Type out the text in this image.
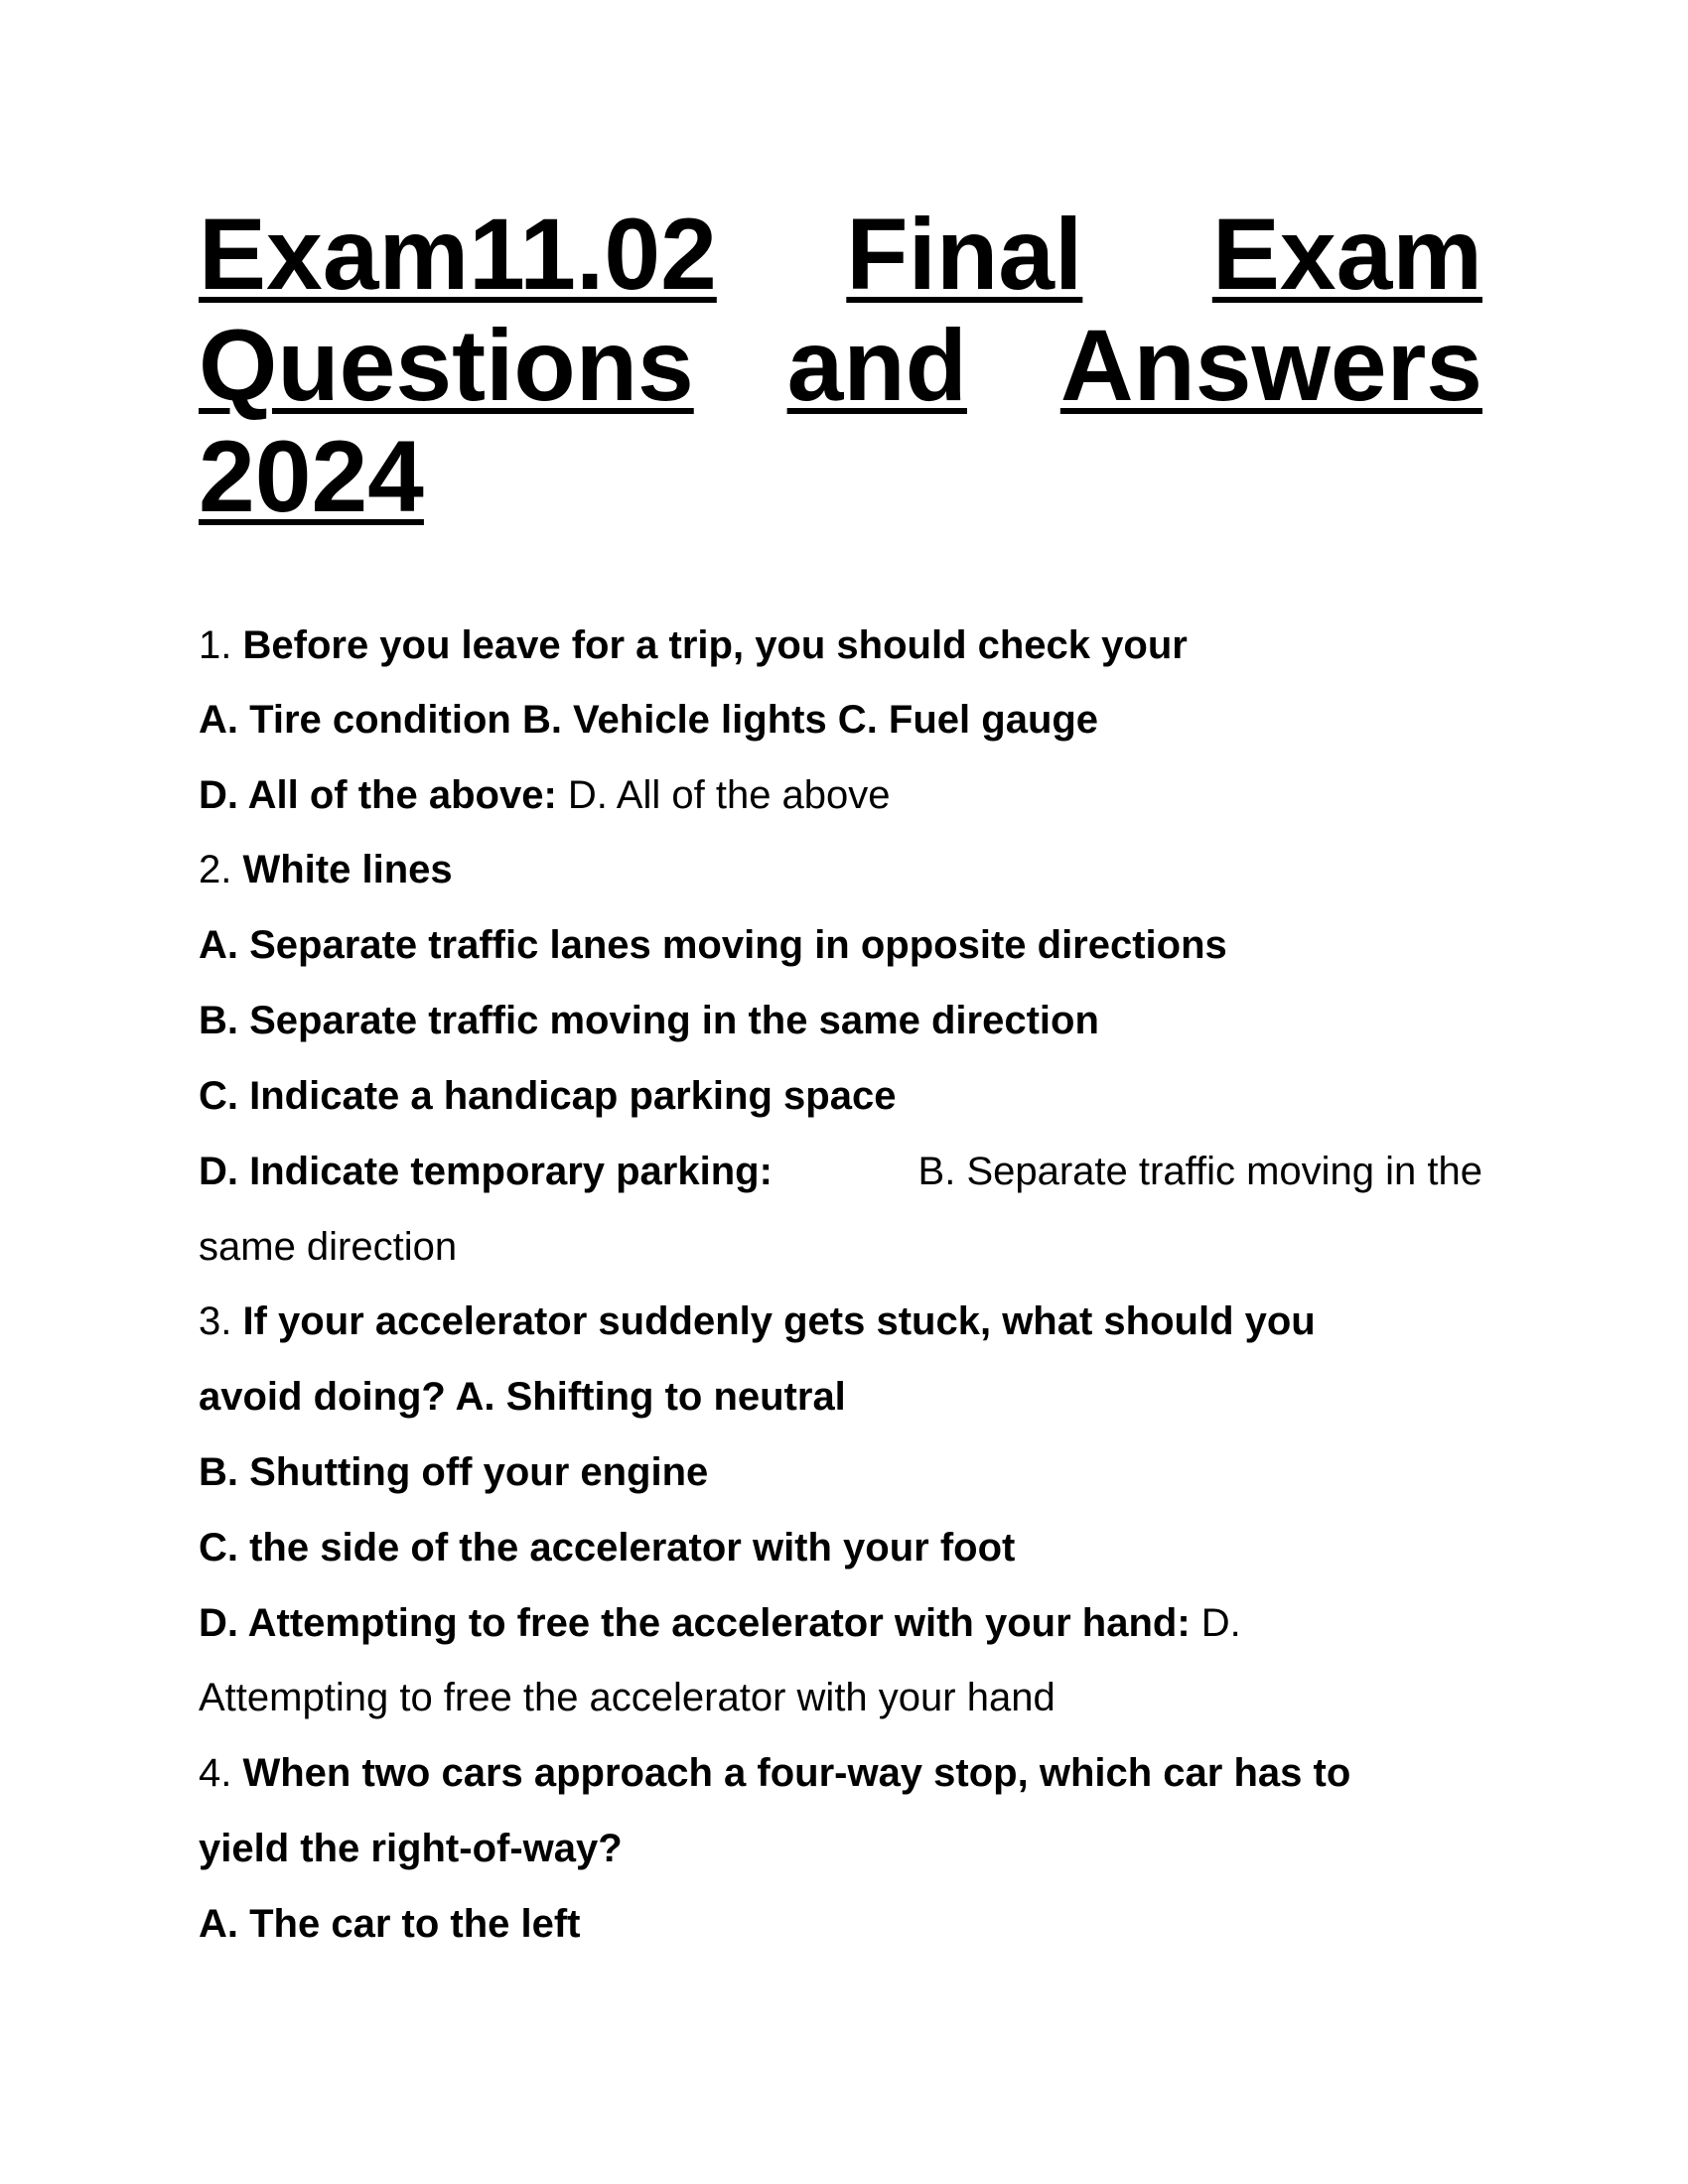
Exam11.02 Final Exam
Questions and Answers
2024
1. Before you leave for a trip, you should check your
A. Tire condition B. Vehicle lights C. Fuel gauge
D. All of the above: D. All of the above
2. White lines
A. Separate traffic lanes moving in opposite directions
B. Separate traffic moving in the same direction
C. Indicate a handicap parking space
D. Indicate temporary parking:	B. Separate traffic moving in the
same direction
3. If your accelerator suddenly gets stuck, what should you
avoid doing? A. Shifting to neutral
B. Shutting off your engine
C. the side of the accelerator with your foot
D. Attempting to free the accelerator with your hand: D.
Attempting to free the accelerator with your hand
4. When two cars approach a four-way stop, which car has to
yield the right-of-way?
A. The car to the left
